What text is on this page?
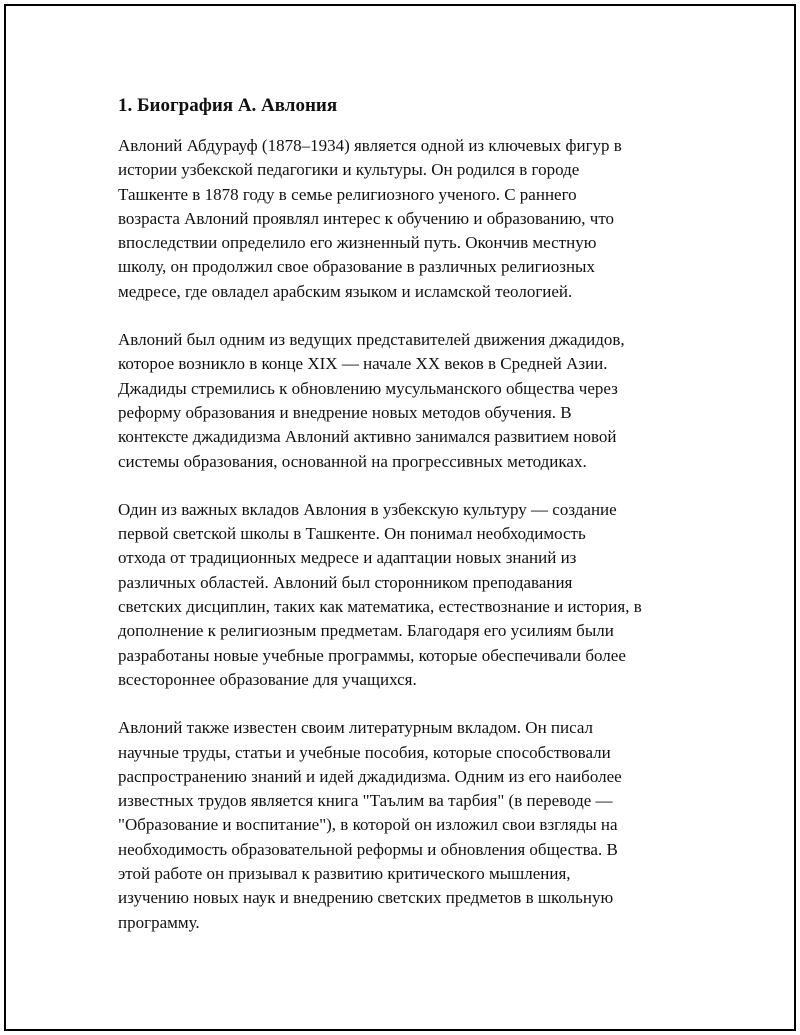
1. Биография А. Авлония

Авлоний Абдурауф (1878–1934) является одной из ключевых фигур в
истории узбекской педагогики и культуры. Он родился в городе
Ташкенте в 1878 году в семье религиозного ученого. С раннего
возраста Авлоний проявлял интерес к обучению и образованию, что
впоследствии определило его жизненный путь. Окончив местную
школу, он продолжил свое образование в различных религиозных
медресе, где овладел арабским языком и исламской теологией.

Авлоний был одним из ведущих представителей движения джадидов,
которое возникло в конце XIX — начале XX веков в Средней Азии.
Джадиды стремились к обновлению мусульманского общества через
реформу образования и внедрение новых методов обучения. В
контексте джадидизма Авлоний активно занимался развитием новой
системы образования, основанной на прогрессивных методиках.

Один из важных вкладов Авлония в узбекскую культуру — создание
первой светской школы в Ташкенте. Он понимал необходимость
отхода от традиционных медресе и адаптации новых знаний из
различных областей. Авлоний был сторонником преподавания
светских дисциплин, таких как математика, естествознание и история, в
дополнение к религиозным предметам. Благодаря его усилиям были
разработаны новые учебные программы, которые обеспечивали более
всестороннее образование для учащихся.

Авлоний также известен своим литературным вкладом. Он писал
научные труды, статьи и учебные пособия, которые способствовали
распространению знаний и идей джадидизма. Одним из его наиболее
известных трудов является книга "Таълим ва тарбия" (в переводе —
"Образование и воспитание"), в которой он изложил свои взгляды на
необходимость образовательной реформы и обновления общества. В
этой работе он призывал к развитию критического мышления,
изучению новых наук и внедрению светских предметов в школьную
программу.
